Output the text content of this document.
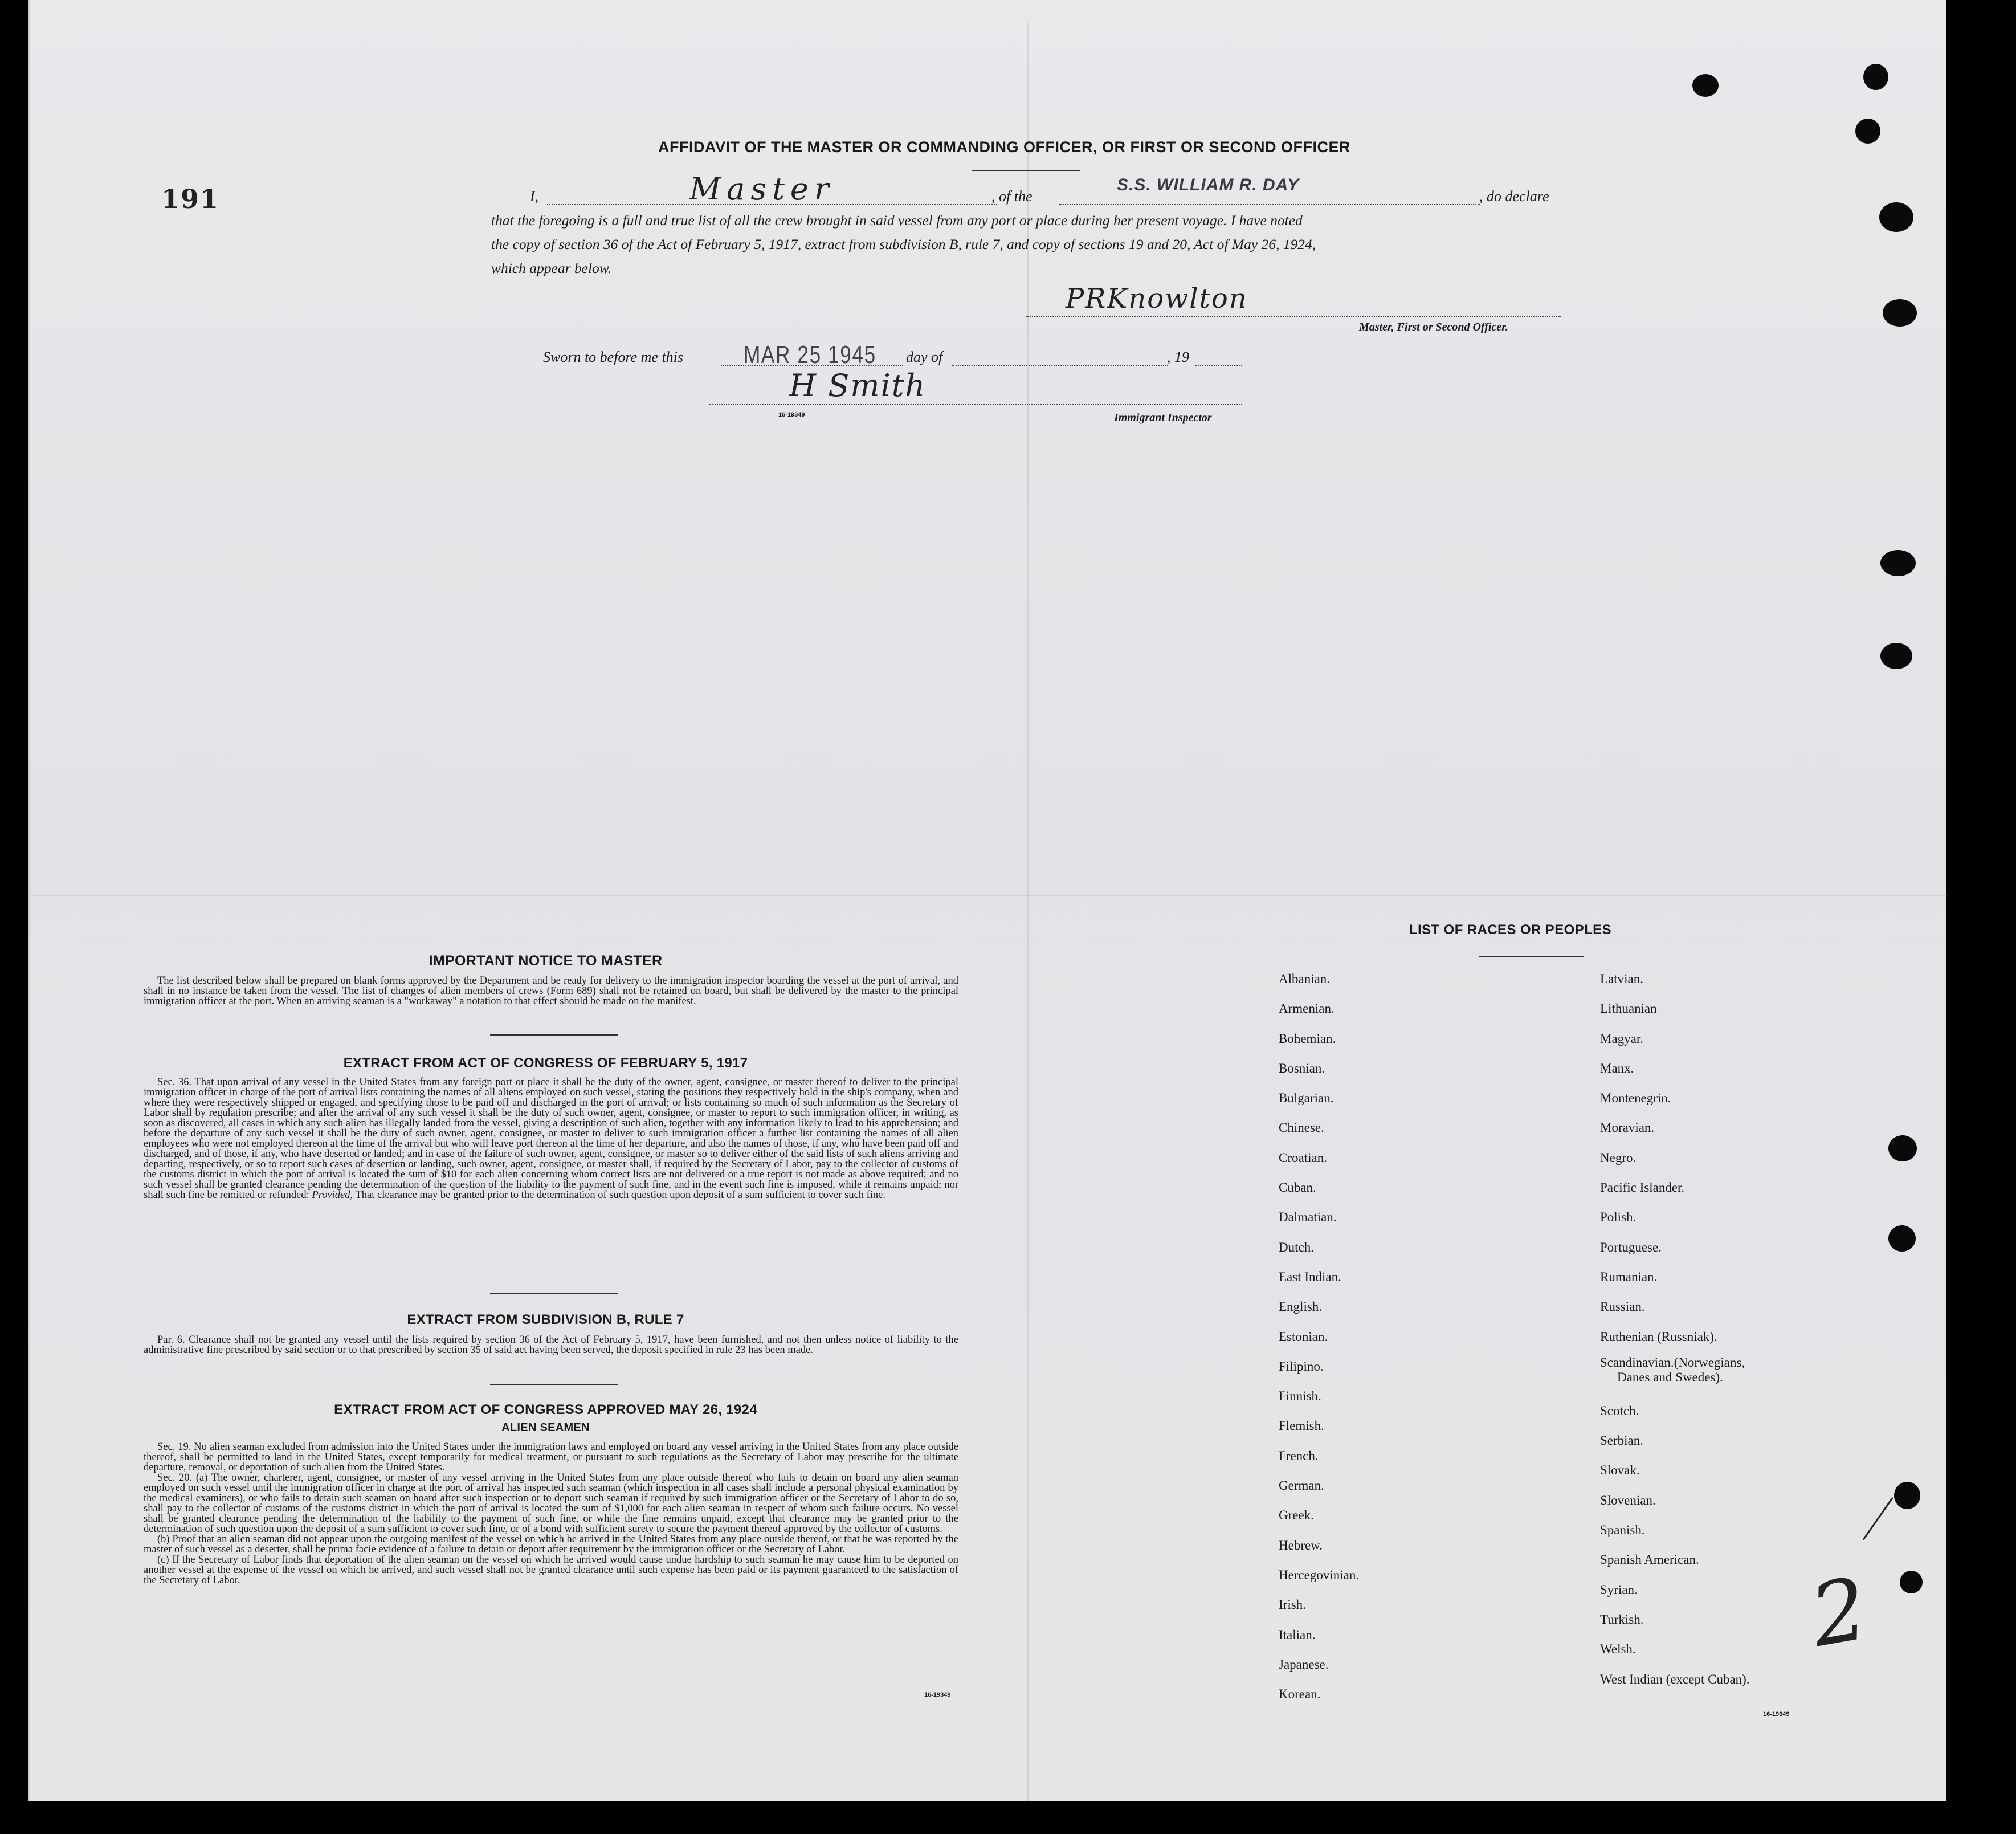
191
AFFIDAVIT OF THE MASTER OR COMMANDING OFFICER, OR FIRST OR SECOND OFFICER
I,	Master	, of the
S.S. WILLIAM R. DAY
, do declare
that the foregoing is a full and true list of all the crew brought in said vessel from any port or place during her present voyage. I have noted
the copy of section 36 of the Act of February 5, 1917, extract from subdivision B, rule 7, and copy of sections 19 and 20, Act of May 26, 1924,
which appear below.
PRKnowlton
Master, First or Second Officer.
Sworn to before me this MAR 25 1945 day of	, 19
H Smith
16-19349	Immigrant Inspector
IMPORTANT NOTICE TO MASTER
The list described below shall be prepared on blank forms approved by the Department and be ready for delivery to the immigration inspector boarding the vessel at the port of arrival, and shall in no instance be taken from the vessel. The list of changes of alien members of crews (Form 689) shall not be retained on board, but shall be delivered by the master to the principal immigration officer at the port. When an arriving seaman is a "workaway" a notation to that effect should be made on the manifest.
EXTRACT FROM ACT OF CONGRESS OF FEBRUARY 5, 1917
Sec. 36. That upon arrival of any vessel in the United States from any foreign port or place it shall be the duty of the owner, agent, consignee, or master thereof to deliver to the principal immigration officer in charge of the port of arrival lists containing the names of all aliens employed on such vessel, stating the positions they respectively hold in the ship's company, when and where they were respectively shipped or engaged, and specifying those to be paid off and discharged in the port of arrival; or lists containing so much of such information as the Secretary of Labor shall by regulation prescribe; and after the arrival of any such vessel it shall be the duty of such owner, agent, consignee, or master to report to such immigration officer, in writing, as soon as discovered, all cases in which any such alien has illegally landed from the vessel, giving a description of such alien, together with any information likely to lead to his apprehension; and before the departure of any such vessel it shall be the duty of such owner, agent, consignee, or master to deliver to such immigration officer a further list containing the names of all alien employees who were not employed thereon at the time of the arrival but who will leave port thereon at the time of her departure, and also the names of those, if any, who have been paid off and discharged, and of those, if any, who have deserted or landed; and in case of the failure of such owner, agent, consignee, or master so to deliver either of the said lists of such aliens arriving and departing, respectively, or so to report such cases of desertion or landing, such owner, agent, consignee, or master shall, if required by the Secretary of Labor, pay to the collector of customs of the customs district in which the port of arrival is located the sum of $10 for each alien concerning whom correct lists are not delivered or a true report is not made as above required; and no such vessel shall be granted clearance pending the determination of the question of the liability to the payment of such fine, and in the event such fine is imposed, while it remains unpaid; nor shall such fine be remitted or refunded: Provided, That clearance may be granted prior to the determination of such question upon deposit of a sum sufficient to cover such fine.
EXTRACT FROM SUBDIVISION B, RULE 7
Par. 6. Clearance shall not be granted any vessel until the lists required by section 36 of the Act of February 5, 1917, have been furnished, and not then unless notice of liability to the administrative fine prescribed by said section or to that prescribed by section 35 of said act having been served, the deposit specified in rule 23 has been made.
EXTRACT FROM ACT OF CONGRESS APPROVED MAY 26, 1924
ALIEN SEAMEN

Sec. 19. No alien seaman excluded from admission into the United States under the immigration laws and employed on board any vessel arriving in the United States from any place outside thereof, shall be permitted to land in the United States, except temporarily for medical treatment, or pursuant to such regulations as the Secretary of Labor may prescribe for the ultimate departure, removal, or deportation of such alien from the United States.

Sec. 20. (a) The owner, charterer, agent, consignee, or master of any vessel arriving in the United States from any place outside thereof who fails to detain on board any alien seaman employed on such vessel until the immigration officer in charge at the port of arrival has inspected such seaman (which inspection in all cases shall include a personal physical examination by the medical examiners), or who fails to detain such seaman on board after such inspection or to deport such seaman if required by such immigration officer or the Secretary of Labor to do so, shall pay to the collector of customs of the customs district in which the port of arrival is located the sum of $1,000 for each alien seaman in respect of whom such failure occurs. No vessel shall be granted clearance pending the determination of the liability to the payment of such fine, or while the fine remains unpaid, except that clearance may be granted prior to the determination of such question upon the deposit of a sum sufficient to cover such fine, or of a bond with sufficient surety to secure the payment thereof approved by the collector of customs.

(b) Proof that an alien seaman did not appear upon the outgoing manifest of the vessel on which he arrived in the United States from any place outside thereof, or that he was reported by the master of such vessel as a deserter, shall be prima facie evidence of a failure to detain or deport after requirement by the immigration officer or the Secretary of Labor.

(c) If the Secretary of Labor finds that deportation of the alien seaman on the vessel on which he arrived would cause undue hardship to such seaman he may cause him to be deported on another vessel at the expense of the vessel on which he arrived, and such vessel shall not be granted clearance until such expense has been paid or its payment guaranteed to the satisfaction of the Secretary of Labor.

16-19349
LIST OF RACES OR PEOPLES
Albanian.
Armenian.
Bohemian.
Bosnian.
Bulgarian.
Chinese.
Croatian.
Cuban.
Dalmatian.
Dutch.
East Indian.
English.
Estonian.
Filipino.
Finnish.
Flemish.
French.
German.
Greek.
Hebrew.
Hercegovinian.
Irish.
Italian.
Japanese.
Korean.
Latvian.
Lithuanian
Magyar.
Manx.
Montenegrin.
Moravian.
Negro.
Pacific Islander.
Polish.
Portuguese.
Rumanian.
Russian.
Ruthenian (Russniak).
Scandinavian.(Norwegians,
Danes and Swedes).
Scotch.
Serbian.
Slovak.
Slovenian.
Spanish.
Spanish American.
Syrian.
Turkish.
Welsh.
West Indian (except Cuban).
16-19349
2
